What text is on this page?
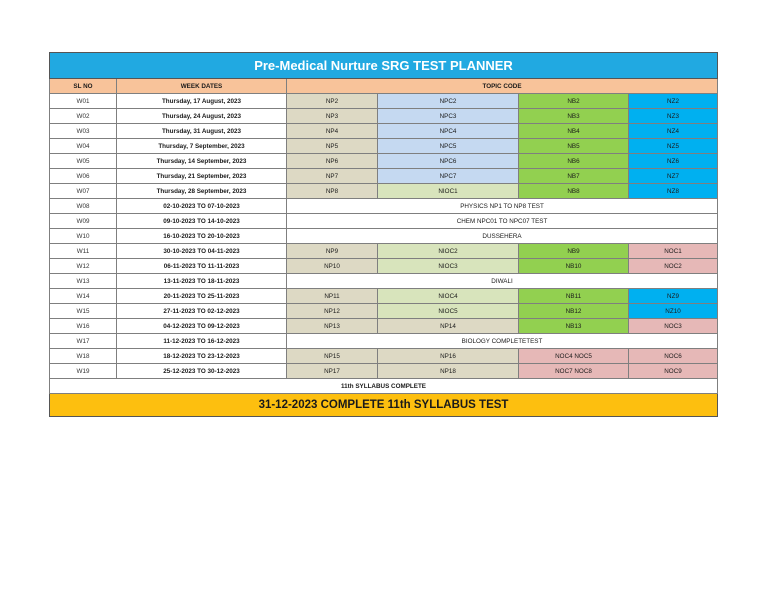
Pre-Medical Nurture SRG TEST PLANNER					
SL NO	WEEK DATES	TOPIC CODE			
W01	Thursday, 17 August, 2023	NP2	NPC2	NB2	NZ2
W02	Thursday, 24 August, 2023	NP3	NPC3	NB3	NZ3
W03	Thursday, 31 August, 2023	NP4	NPC4	NB4	NZ4
W04	Thursday, 7 September, 2023	NP5	NPC5	NB5	NZ5
W05	Thursday, 14 September, 2023	NP6	NPC6	NB6	NZ6
W06	Thursday, 21 September, 2023	NP7	NPC7	NB7	NZ7
W07	Thursday, 28 September, 2023	NP8	NIOC1	NB8	NZ8
W08	02-10-2023 TO 07-10-2023	PHYSICS NP1 TO NP8 TEST			
W09	09-10-2023 TO 14-10-2023	CHEM NPC01 TO NPC07 TEST			
W10	16-10-2023 TO 20-10-2023	DUSSEHERA			
W11	30-10-2023 TO 04-11-2023	NP9	NIOC2	NB9	NOC1
W12	06-11-2023 TO 11-11-2023	NP10	NIOC3	NB10	NOC2
W13	13-11-2023 TO 18-11-2023	DIWALI			
W14	20-11-2023 TO 25-11-2023	NP11	NIOC4	NB11	NZ9
W15	27-11-2023 TO 02-12-2023	NP12	NIOC5	NB12	NZ10
W16	04-12-2023 TO 09-12-2023	NP13	NP14	NB13	NOC3
W17	11-12-2023 TO 16-12-2023	BIOLOGY COMPLETETEST			
W18	18-12-2023 TO 23-12-2023	NP15	NP16	NOC4 NOC5	NOC6
W19	25-12-2023 TO 30-12-2023	NP17	NP18	NOC7 NOC8	NOC9
11th SYLLABUS COMPLETE					
31-12-2023 COMPLETE 11th SYLLABUS TEST					
